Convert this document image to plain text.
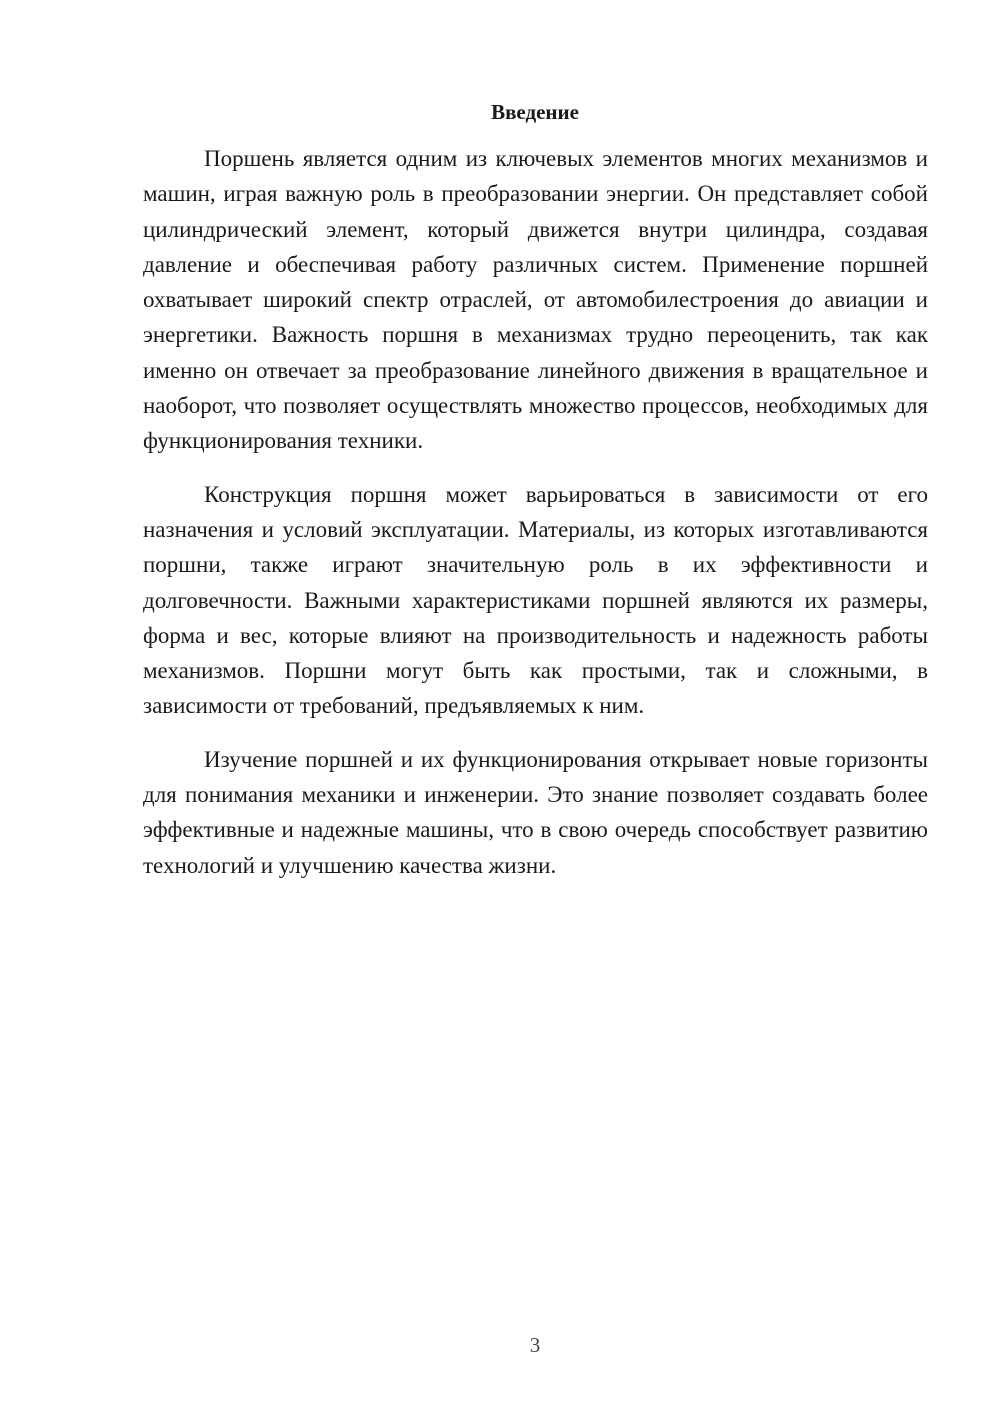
Введение

Поршень является одним из ключевых элементов многих механизмов и машин, играя важную роль в преобразовании энергии. Он представляет собой цилиндрический элемент, который движется внутри цилиндра, создавая давление и обеспечивая работу различных систем. Применение поршней охватывает широкий спектр отраслей, от автомобилестроения до авиации и энергетики. Важность поршня в механизмах трудно переоценить, так как именно он отвечает за преобразование линейного движения в вращательное и наоборот, что позволяет осуществлять множество процессов, необходимых для функционирования техники.

Конструкция поршня может варьироваться в зависимости от его назначения и условий эксплуатации. Материалы, из которых изготавливаются поршни, также играют значительную роль в их эффективности и долговечности. Важными характеристиками поршней являются их размеры, форма и вес, которые влияют на производительность и надежность работы механизмов. Поршни могут быть как простыми, так и сложными, в зависимости от требований, предъявляемых к ним.

Изучение поршней и их функционирования открывает новые горизонты для понимания механики и инженерии. Это знание позволяет создавать более эффективные и надежные машины, что в свою очередь способствует развитию технологий и улучшению качества жизни.

3
